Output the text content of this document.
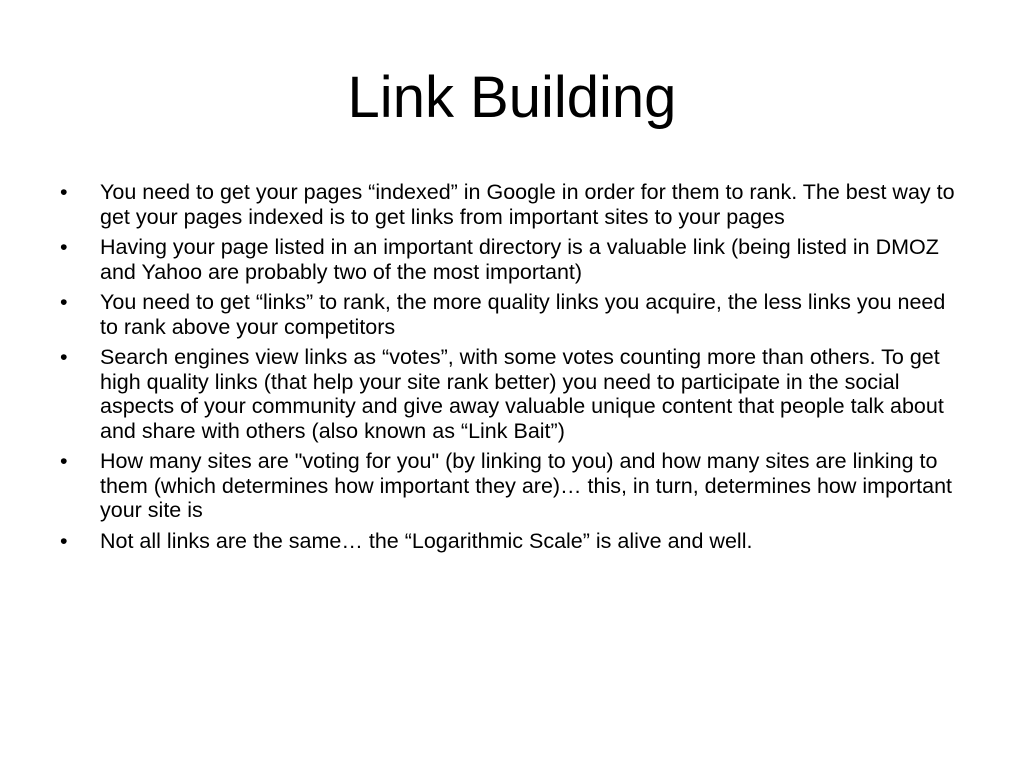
Link Building
•	You need to get your pages “indexed” in Google in order for them to rank. The best way to get your pages indexed is to get links from important sites to your pages
•	Having your page listed in an important directory is a valuable link (being listed in DMOZ and Yahoo are probably two of the most important)
•	You need to get “links” to rank, the more quality links you acquire, the less links you need to rank above your competitors
•	Search engines view links as “votes”, with some votes counting more than others. To get high quality links (that help your site rank better) you need to participate in the social aspects of your community and give away valuable unique content that people talk about and share with others (also known as “Link Bait”)
•	How many sites are "voting for you" (by linking to you) and how many sites are linking to them (which determines how important they are)… this, in turn, determines how important your site is
•	Not all links are the same… the “Logarithmic Scale” is alive and well.
